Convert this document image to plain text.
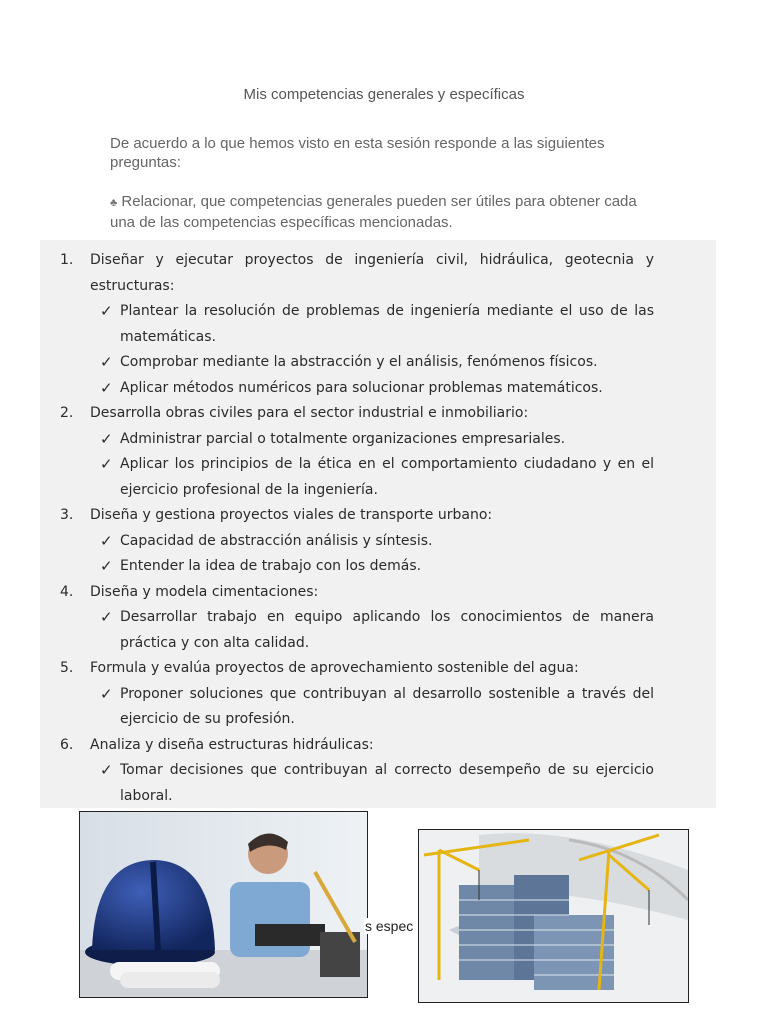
Mis competencias generales y específicas
De acuerdo a lo que hemos visto en esta sesión responde a las siguientes preguntas:
♣ Relacionar, que competencias generales pueden ser útiles para obtener cada una de las competencias específicas mencionadas.
1. Diseñar y ejecutar proyectos de ingeniería civil, hidráulica, geotecnia y estructuras:
✓ Plantear la resolución de problemas de ingeniería mediante el uso de las matemáticas.
✓ Comprobar mediante la abstracción y el análisis, fenómenos físicos.
✓ Aplicar métodos numéricos para solucionar problemas matemáticos.
2. Desarrolla obras civiles para el sector industrial e inmobiliario:
✓ Administrar parcial o totalmente organizaciones empresariales.
✓ Aplicar los principios de la ética en el comportamiento ciudadano y en el ejercicio profesional de la ingeniería.
3. Diseña y gestiona proyectos viales de transporte urbano:
✓ Capacidad de abstracción análisis y síntesis.
✓ Entender la idea de trabajo con los demás.
4. Diseña y modela cimentaciones:
✓ Desarrollar trabajo en equipo aplicando los conocimientos de manera práctica y con alta calidad.
5. Formula y evalúa proyectos de aprovechamiento sostenible del agua:
✓ Proponer soluciones que contribuyan al desarrollo sostenible a través del ejercicio de su profesión.
6. Analiza y diseña estructuras hidráulicas:
✓ Tomar decisiones que contribuyan al correcto desempeño de su ejercicio laboral.
s espec
